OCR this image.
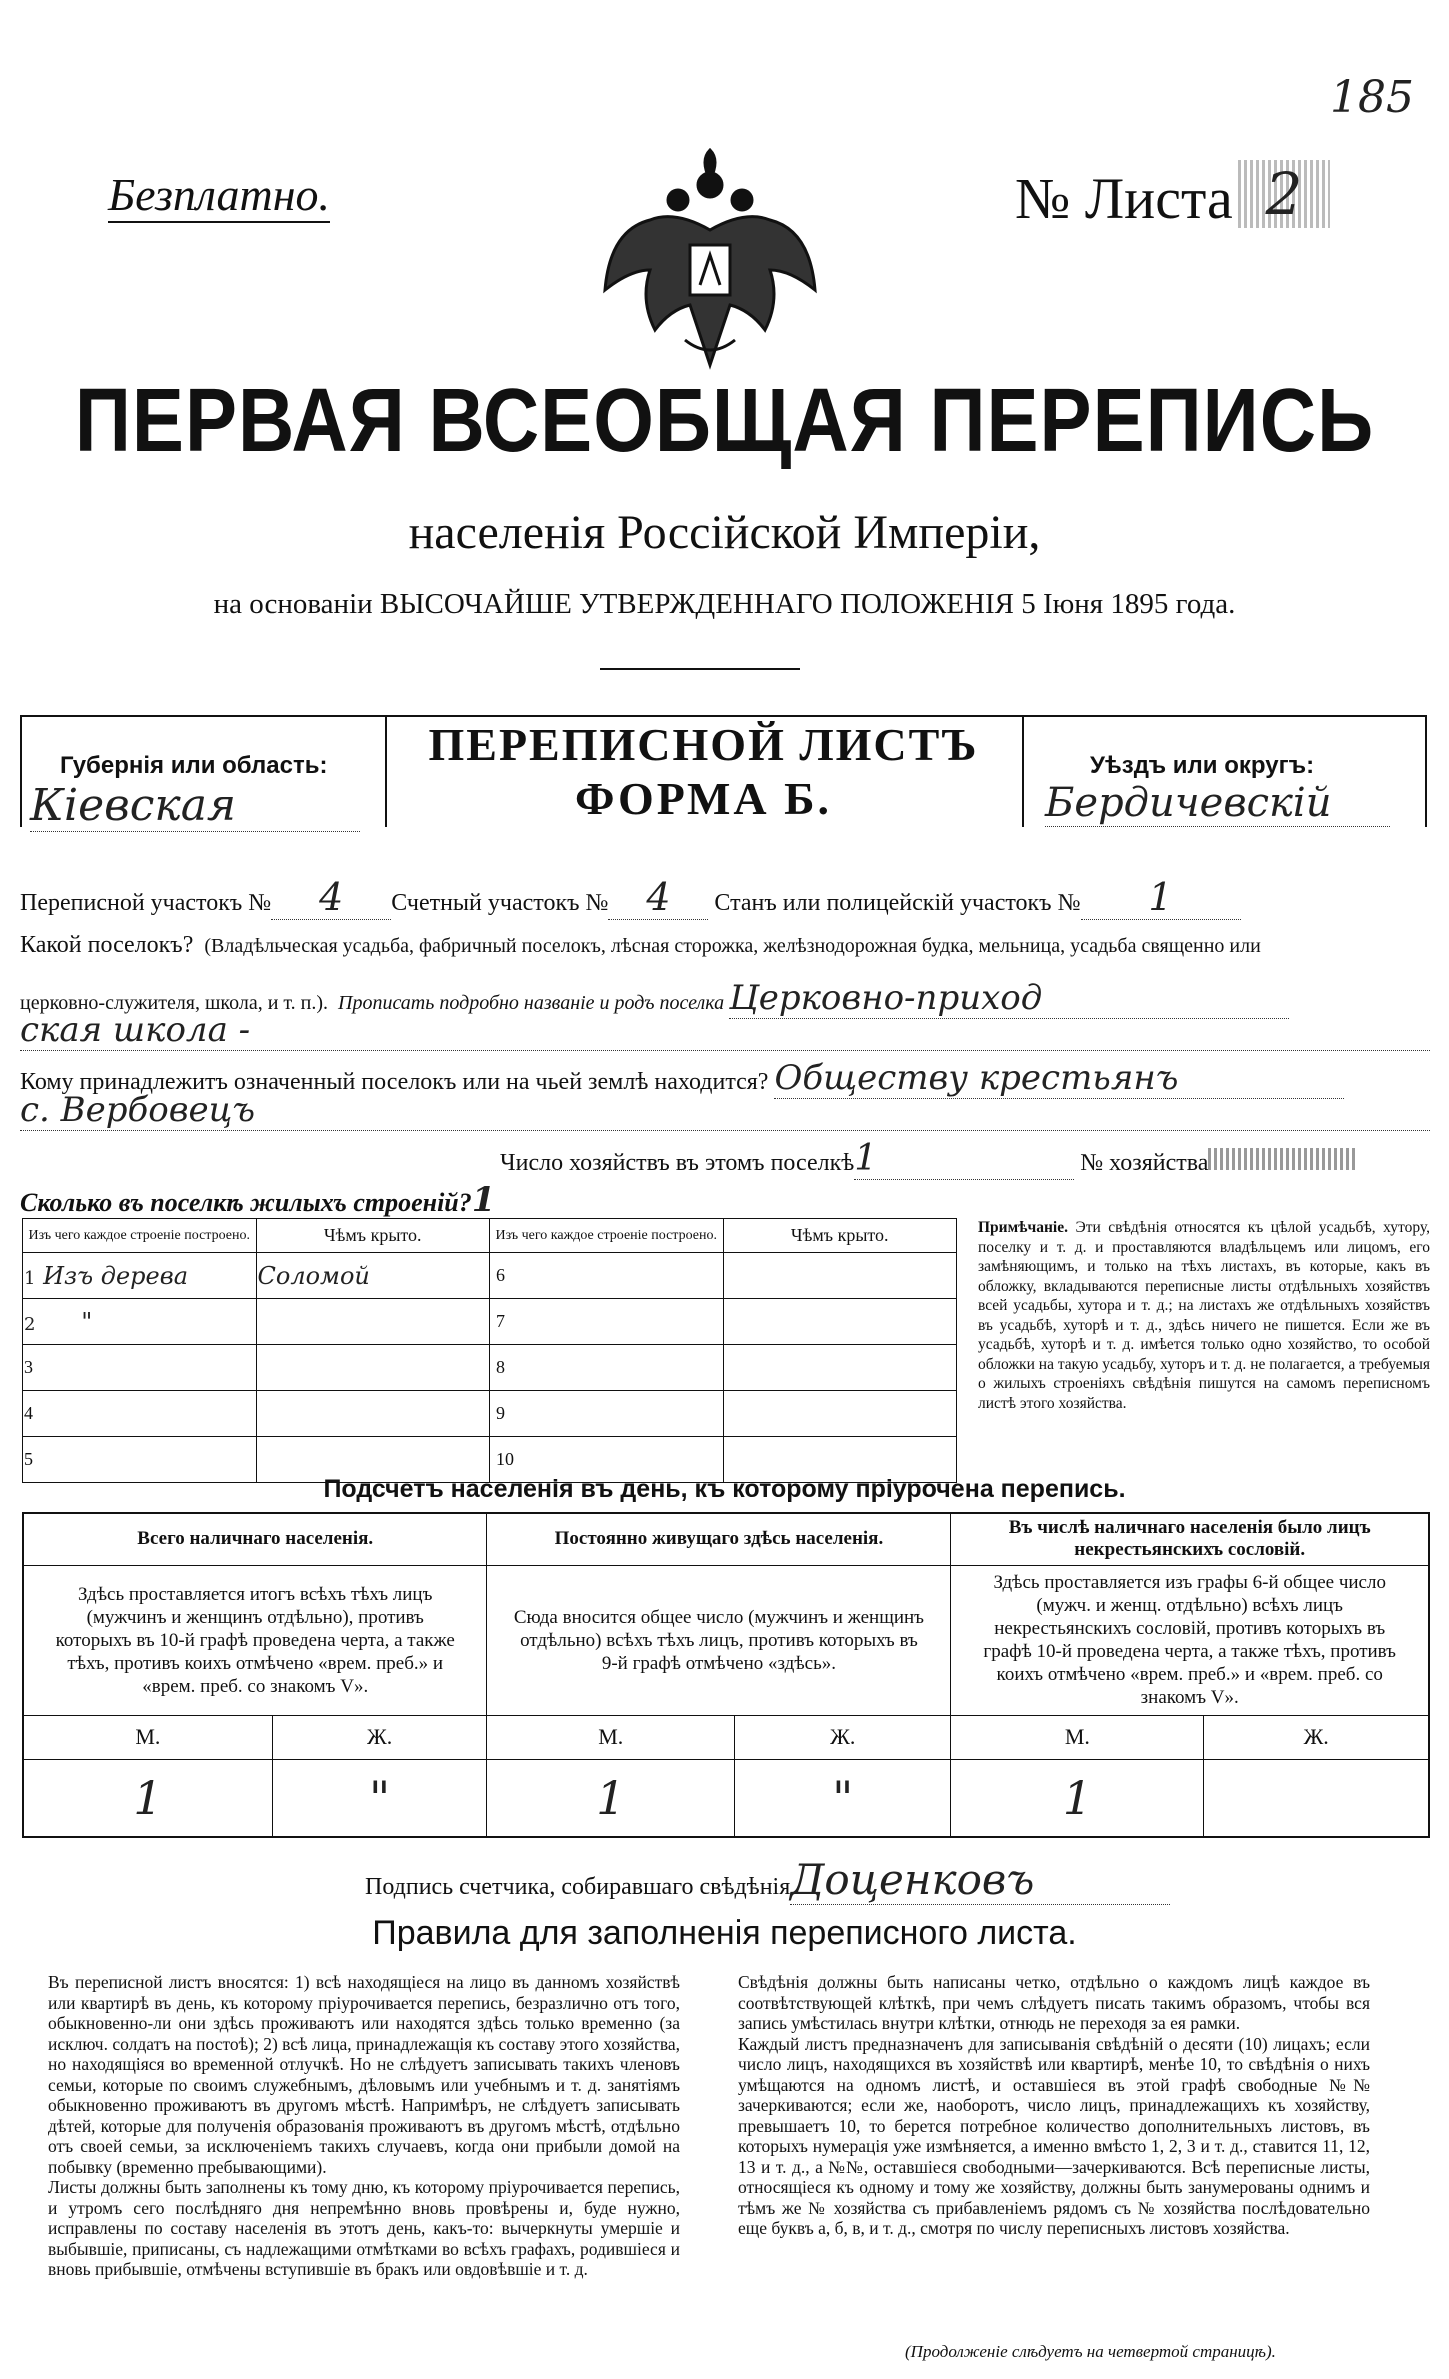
185
Безплатно.	№ Листа 2
ПЕРВАЯ ВСЕОБЩАЯ ПЕРЕПИСЬ
населенія Россійской Имперіи,
на основаніи ВЫСОЧАЙШЕ УТВЕРЖДЕННАГО ПОЛОЖЕНІЯ 5 Іюня 1895 года.
Губернія или область:
Кіевская
ПЕРЕПИСНОЙ ЛИСТЪ
ФОРМА Б.
Уѣздъ или округъ:
Бердичевскій
Переписной участокъ № 4 Счетный участокъ № 4 Станъ или полицейскій участокъ № 1
Какой поселокъ? (Владѣльческая усадьба, фабричный поселокъ, лѣсная сторожка, желѣзнодорожная будка, мельница, усадьба священно или
церковно-служителя, школа, и т. п.). Прописать подробно названіе и родъ поселка Церковно-приход
ская школа -
Кому принадлежитъ означенный поселокъ или на чьей землѣ находится? Обществу крестьянъ
с. Вербовецъ
Число хозяйствъ въ этомъ поселкѣ1	№ хозяйства
Сколько въ поселкѣ жилыхъ строеній?1
Изъ чего каждое строеніе построено.	Чѣмъ крыто.	Изъ чего каждое строеніе построено.	Чѣмъ крыто.
1 Изъ дерева	Соломой	6	
2 "		7	
3		8	
4		9	
5		10	
Примѣчаніе. Эти свѣдѣнія относятся къ цѣлой усадьбѣ, хутору, поселку и т. д. и проставляются владѣльцемъ или лицомъ, его замѣняющимъ, и только на тѣхъ листахъ, въ которые, какъ въ обложку, вкладываются переписные листы отдѣльныхъ хозяйствъ всей усадьбы, хутора и т. д.; на листахъ же отдѣльныхъ хозяйствъ въ усадьбѣ, хуторѣ и т. д., здѣсь ничего не пишется. Если же въ усадьбѣ, хуторѣ и т. д. имѣется только одно хозяйство, то особой обложки на такую усадьбу, хуторъ и т. д. не полагается, а требуемыя о жилыхъ строеніяхъ свѣдѣнія пишутся на самомъ переписномъ листѣ этого хозяйства.
Подсчетъ населенія въ день, къ которому пріурочена перепись.
Всего наличнаго населенія.		Постоянно живущаго здѣсь населенія.		Въ числѣ наличнаго населенія было лицъ некрестьянскихъ сословій.	
Здѣсь проставляется итогъ всѣхъ тѣхъ лицъ (мужчинъ и женщинъ отдѣльно), противъ которыхъ въ 10-й графѣ проведена черта, а также тѣхъ, противъ коихъ отмѣчено «врем. преб.» и «врем. преб. со знакомъ V».		Сюда вносится общее число (мужчинъ и женщинъ отдѣльно) всѣхъ тѣхъ лицъ, противъ которыхъ въ 9-й графѣ отмѣчено «здѣсь».		Здѣсь проставляется изъ графы 6-й общее число (мужч. и женщ. отдѣльно) всѣхъ лицъ некрестьянскихъ сословій, противъ которыхъ въ графѣ 10-й проведена черта, а также тѣхъ, противъ коихъ отмѣчено «врем. преб.» и «врем. преб. со знакомъ V».	
М.	Ж.	М.	Ж.	М.	Ж.
1	"	1	"	1	
Подпись счетчика, собиравшаго свѣдѣніяДоценковъ
Правила для заполненія переписного листа.
Въ переписной листъ вносятся: 1) всѣ находящіеся на лицо въ данномъ хозяйствѣ или квартирѣ въ день, къ которому пріурочивается перепись, безразлично отъ того, обыкновенно-ли они здѣсь проживаютъ или находятся здѣсь только временно (за исключ. солдатъ на постоѣ); 2) всѣ лица, принадлежащія къ составу этого хозяйства, но находящіяся во временной отлучкѣ. Но не слѣдуетъ записывать такихъ членовъ семьи, которые по своимъ служебнымъ, дѣловымъ или учебнымъ и т. д. занятіямъ обыкновенно проживаютъ въ другомъ мѣстѣ. Напримѣръ, не слѣдуетъ записывать дѣтей, которые для полученія образованія проживаютъ въ другомъ мѣстѣ, отдѣльно отъ своей семьи, за исключеніемъ такихъ случаевъ, когда они прибыли домой на побывку (временно пребывающими).
Листы должны быть заполнены къ тому дню, къ которому пріурочивается перепись, и утромъ сего послѣдняго дня непремѣнно вновь провѣрены и, буде нужно, исправлены по составу населенія въ этотъ день, какъ-то: вычеркнуты умершіе и выбывшіе, приписаны, съ надлежащими отмѣтками во всѣхъ графахъ, родившіеся и вновь прибывшіе, отмѣчены вступившіе въ бракъ или овдовѣвшіе и т. д.
Свѣдѣнія должны быть написаны четко, отдѣльно о каждомъ лицѣ каждое въ соотвѣтствующей клѣткѣ, при чемъ слѣдуетъ писать такимъ образомъ, чтобы вся запись умѣстилась внутри клѣтки, отнюдь не переходя за ея рамки.
Каждый листъ предназначенъ для записыванія свѣдѣній о десяти (10) лицахъ; если число лицъ, находящихся въ хозяйствѣ или квартирѣ, менѣе 10, то свѣдѣнія о нихъ умѣщаются на одномъ листѣ, и оставшіеся въ этой графѣ свободные №№ зачеркиваются; если же, наоборотъ, число лицъ, принадлежащихъ къ хозяйству, превышаетъ 10, то берется потребное количество дополнительныхъ листовъ, въ которыхъ нумерація уже измѣняется, а именно вмѣсто 1, 2, 3 и т. д., ставится 11, 12, 13 и т. д., а №№, оставшіеся свободными—зачеркиваются. Всѣ переписные листы, относящіеся къ одному и тому же хозяйству, должны быть занумерованы однимъ и тѣмъ же № хозяйства съ прибавленіемъ рядомъ съ № хозяйства послѣдовательно еще буквъ а, б, в, и т. д., смотря по числу переписныхъ листовъ хозяйства.
(Продолженіе слѣдуетъ на четвертой страницѣ).
